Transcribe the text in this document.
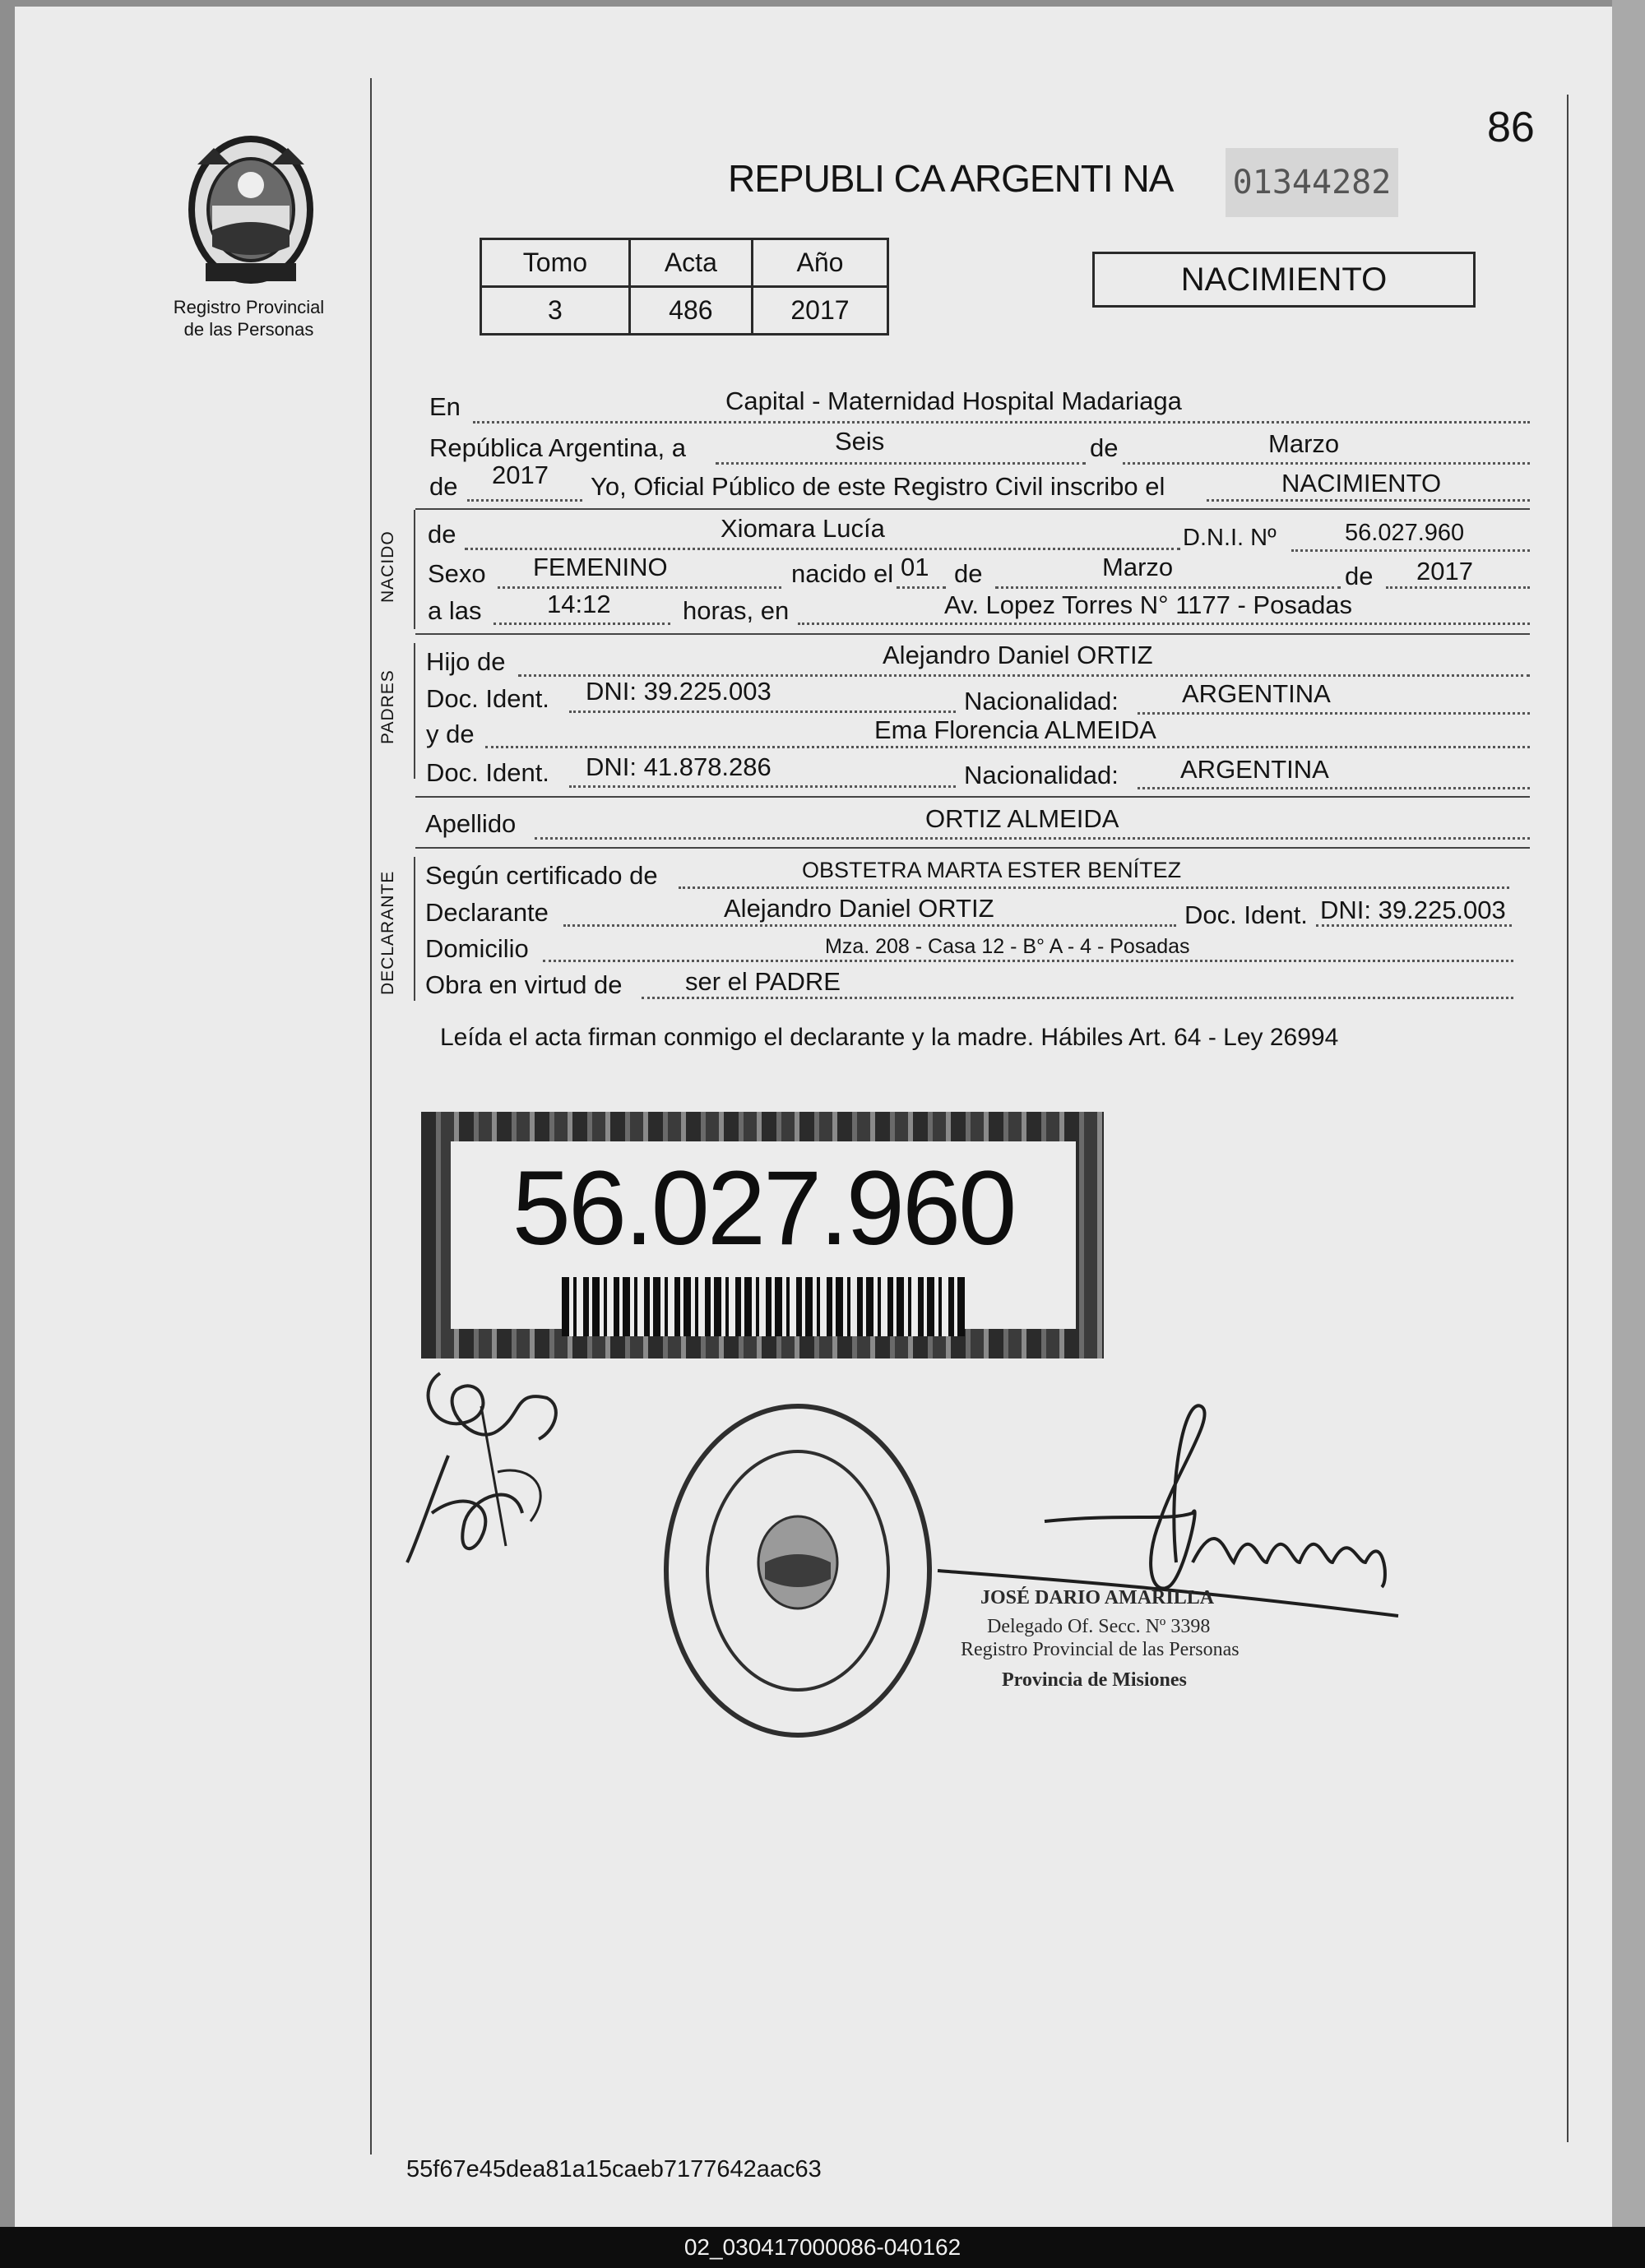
Registro Provincial
de las Personas
86
REPUBLI CA ARGENTI NA 01344282
Tomo	Acta	Año
3	486	2017
NACIMIENTO
En	Capital - Maternidad Hospital Madariaga
República Argentina, a	Seis	de	Marzo
de 2017 Yo, Oficial Público de este Registro Civil inscribo el	NACIMIENTO
NACIDO de	Xiomara Lucía	D.N.I. Nº	56.027.960
Sexo FEMENINO	nacido el 01 de	Marzo	de 2017
a las	14:12	horas, en	Av. Lopez Torres N° 1177 - Posadas
PADRES
Hijo de	Alejandro Daniel ORTIZ
Doc. Ident. DNI: 39.225.003	Nacionalidad: ARGENTINA
y de	Ema Florencia ALMEIDA
Doc. Ident. DNI: 41.878.286	Nacionalidad: ARGENTINA
Apellido	ORTIZ ALMEIDA
DECLARANTE Según certificado de	OBSTETRA MARTA ESTER BENÍTEZ
Declarante	Alejandro Daniel ORTIZ	Doc. Ident. DNI: 39.225.003
Domicilio	Mza. 208 - Casa 12 - B° A - 4 - Posadas
Obra en virtud de ser el PADRE
Leída el acta firman conmigo el declarante y la madre. Hábiles Art. 64 - Ley 26994
56.027.960
JOSÉ DARIO AMARILLA
Delegado Of. Secc. Nº 3398
Registro Provincial de las Personas
Provincia de Misiones
55f67e45dea81a15caeb7177642aac63
02_030417000086-040162
